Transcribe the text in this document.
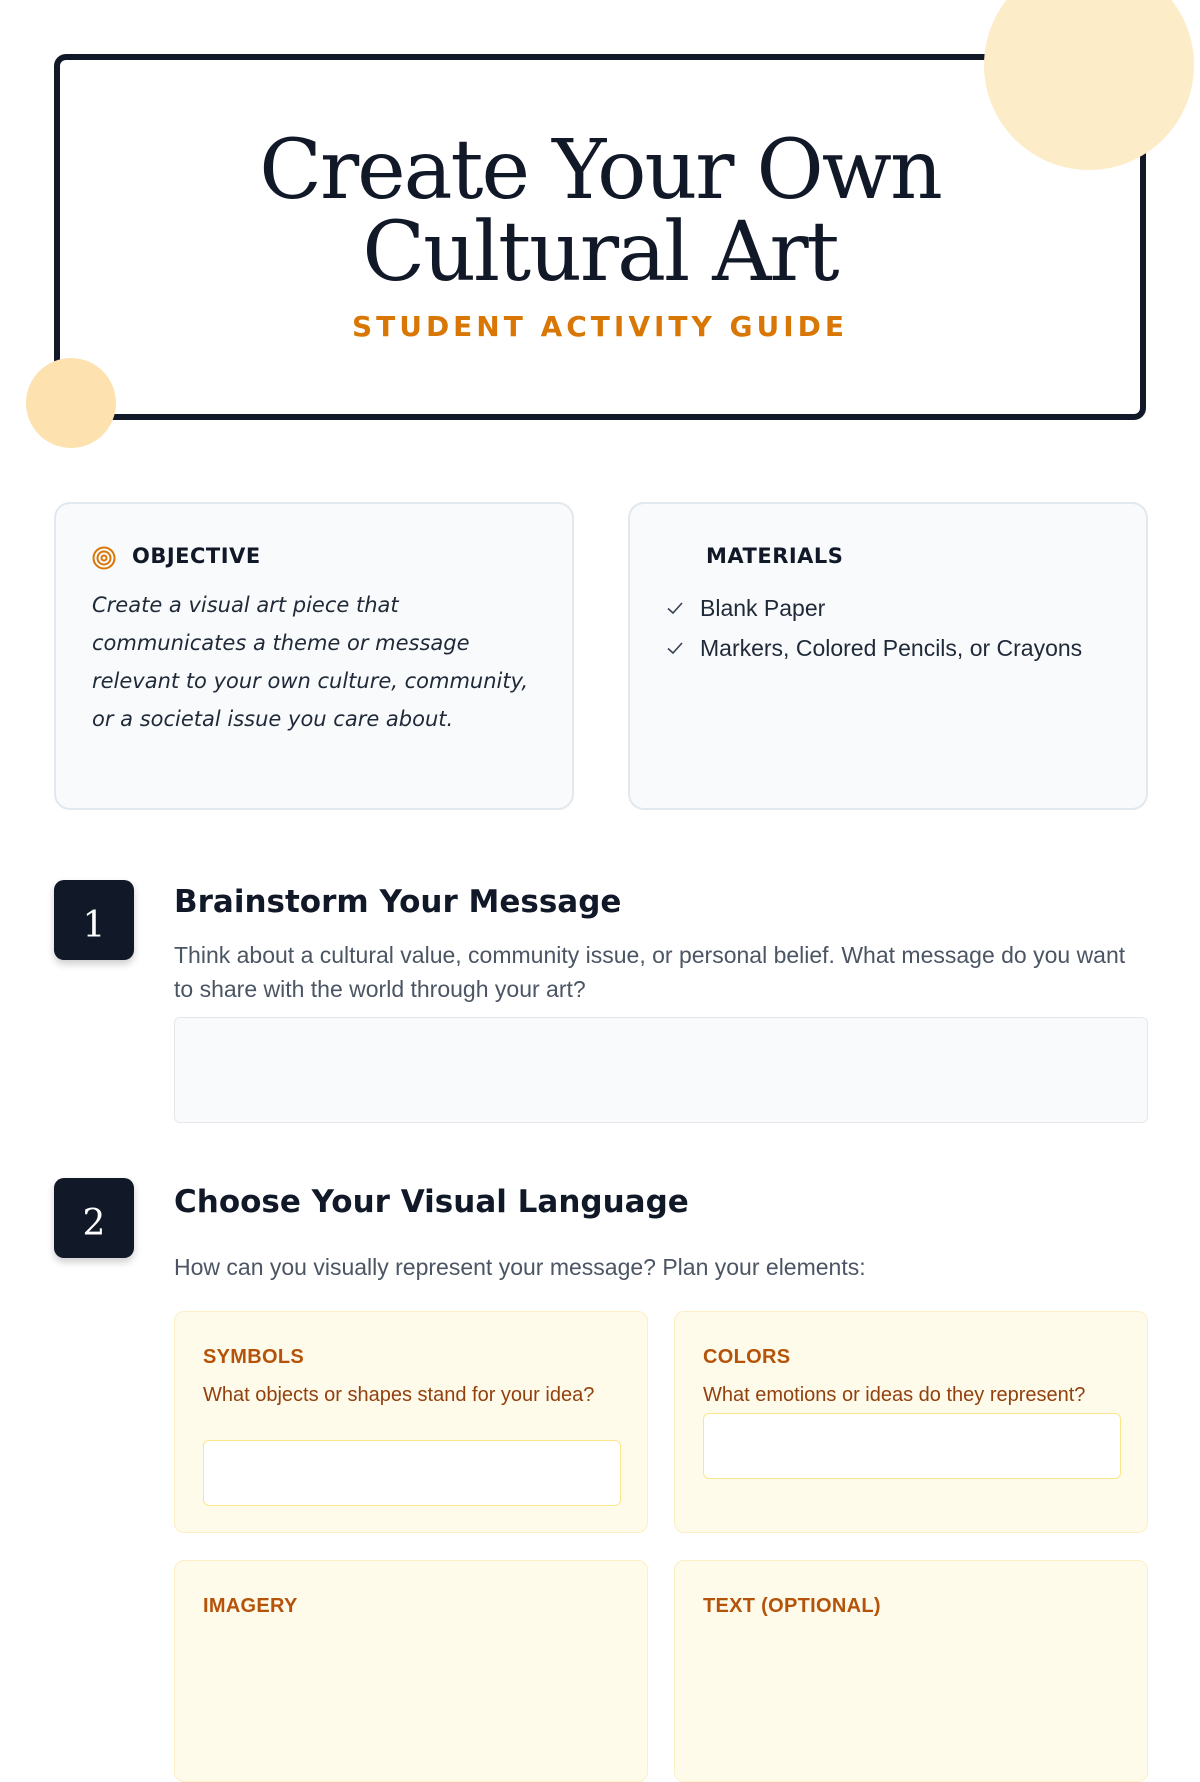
Create Your Own Cultural Art
STUDENT ACTIVITY GUIDE
OBJECTIVE
Create a visual art piece that communicates a theme or message relevant to your own culture, community, or a societal issue you care about.
MATERIALS
Blank Paper
Markers, Colored Pencils, or Crayons
1
Brainstorm Your Message
Think about a cultural value, community issue, or personal belief. What message do you want to share with the world through your art?
2
Choose Your Visual Language
How can you visually represent your message? Plan your elements:
SYMBOLS
What objects or shapes stand for your idea?
COLORS
What emotions or ideas do they represent?
IMAGERY	TEXT (OPTIONAL)
